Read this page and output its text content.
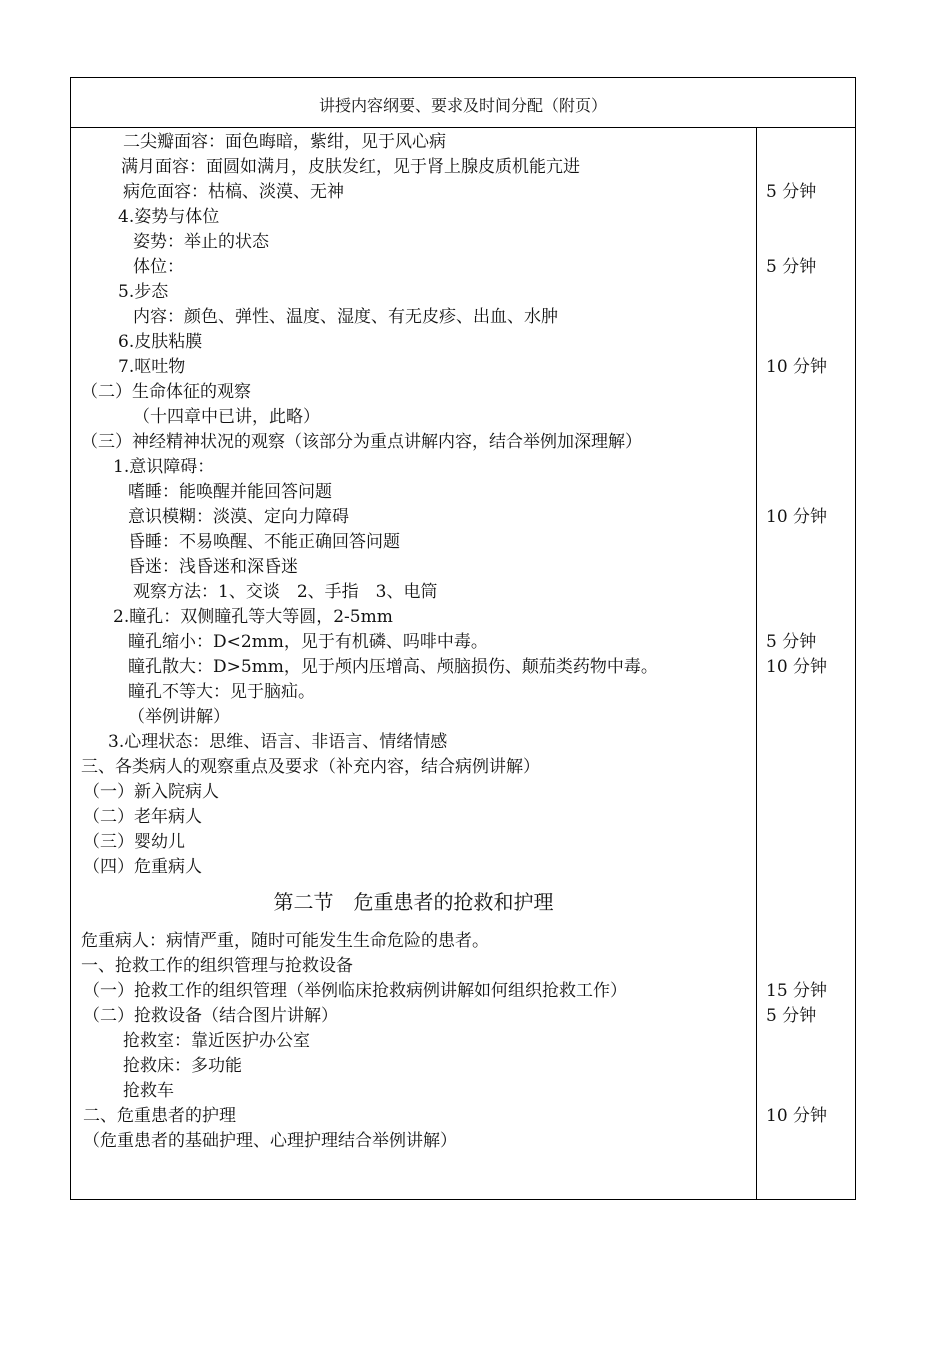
讲授内容纲要、要求及时间分配（附页）
二尖瓣面容：面色晦暗，紫绀，见于风心病
满月面容：面圆如满月，皮肤发红，见于肾上腺皮质机能亢进
病危面容：枯槁、淡漠、无神
4.姿势与体位
姿势：举止的状态
体位：
5.步态
内容：颜色、弹性、温度、湿度、有无皮疹、出血、水肿
6.皮肤粘膜
7.呕吐物
（二）生命体征的观察
（十四章中已讲，此略）
（三）神经精神状况的观察（该部分为重点讲解内容，结合举例加深理解）
1.意识障碍：
嗜睡：能唤醒并能回答问题
意识模糊：淡漠、定向力障碍
昏睡：不易唤醒、不能正确回答问题
昏迷：浅昏迷和深昏迷
观察方法：1、交谈　2、手指　3、电筒
2.瞳孔：双侧瞳孔等大等圆，2-5mm
瞳孔缩小：D<2mm，见于有机磷、吗啡中毒。
瞳孔散大：D>5mm，见于颅内压增高、颅脑损伤、颠茄类药物中毒。
瞳孔不等大：见于脑疝。
（举例讲解）
3.心理状态：思维、语言、非语言、情绪情感
三、各类病人的观察重点及要求（补充内容，结合病例讲解）
（一）新入院病人
（二）老年病人
（三）婴幼儿
（四）危重病人
第二节　危重患者的抢救和护理
危重病人：病情严重，随时可能发生生命危险的患者。
一、抢救工作的组织管理与抢救设备
（一）抢救工作的组织管理（举例临床抢救病例讲解如何组织抢救工作）
（二）抢救设备（结合图片讲解）
抢救室：靠近医护办公室
抢救床：多功能
抢救车
二、危重患者的护理
（危重患者的基础护理、心理护理结合举例讲解）
5 分钟
5 分钟
10 分钟
10 分钟
5 分钟
10 分钟
15 分钟
5 分钟
10 分钟
